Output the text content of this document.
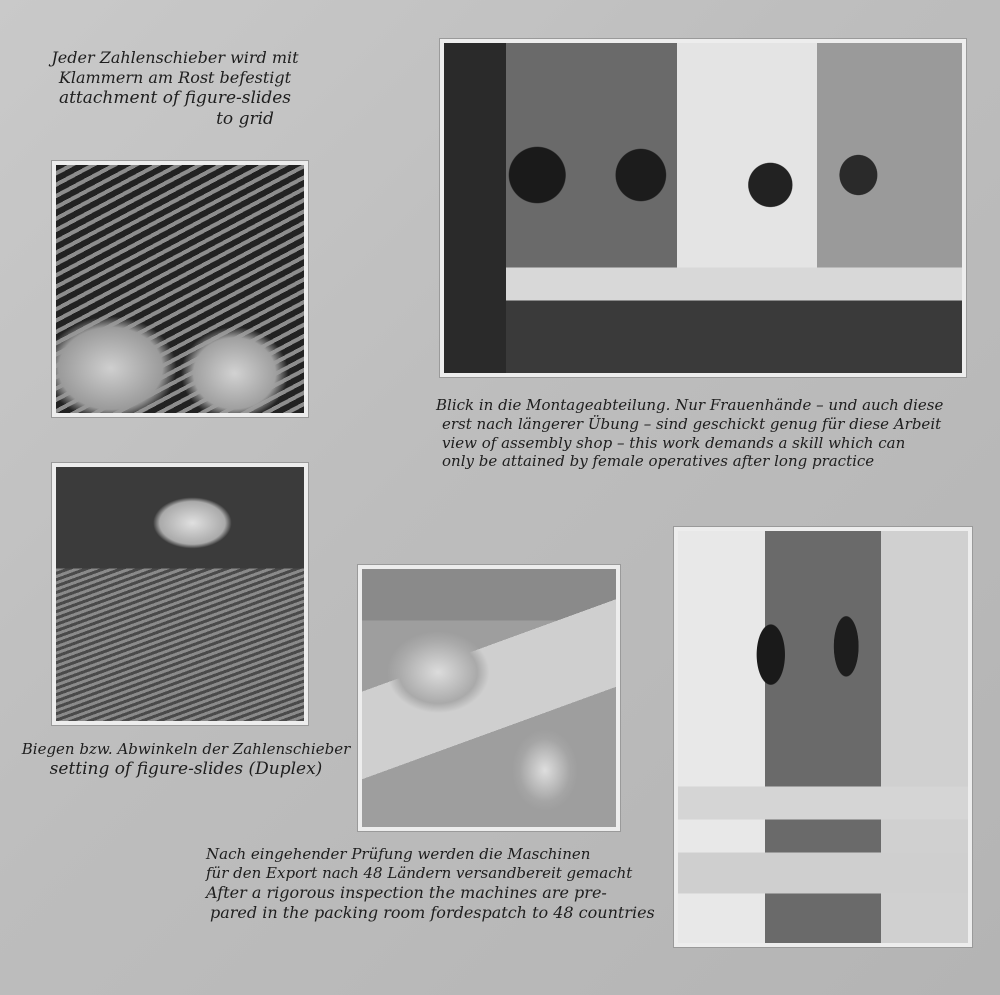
Jeder Zahlenschieber wird mit
Klammern am Rost befestigt
attachment of figure-slides
to grid
Blick in die Montageabteilung. Nur Frauenhände – und auch diese
erst nach längerer Übung – sind geschickt genug für diese Arbeit
view of assembly shop – this work demands a skill which can
only be attained by female operatives after long practice
Biegen bzw. Abwinkeln der Zahlenschieber
setting of figure-slides (Duplex)
Nach eingehender Prüfung werden die Maschinen
für den Export nach 48 Ländern versandbereit gemacht
After a rigorous inspection the machines are pre-
pared in the packing room fordespatch to 48 countries
